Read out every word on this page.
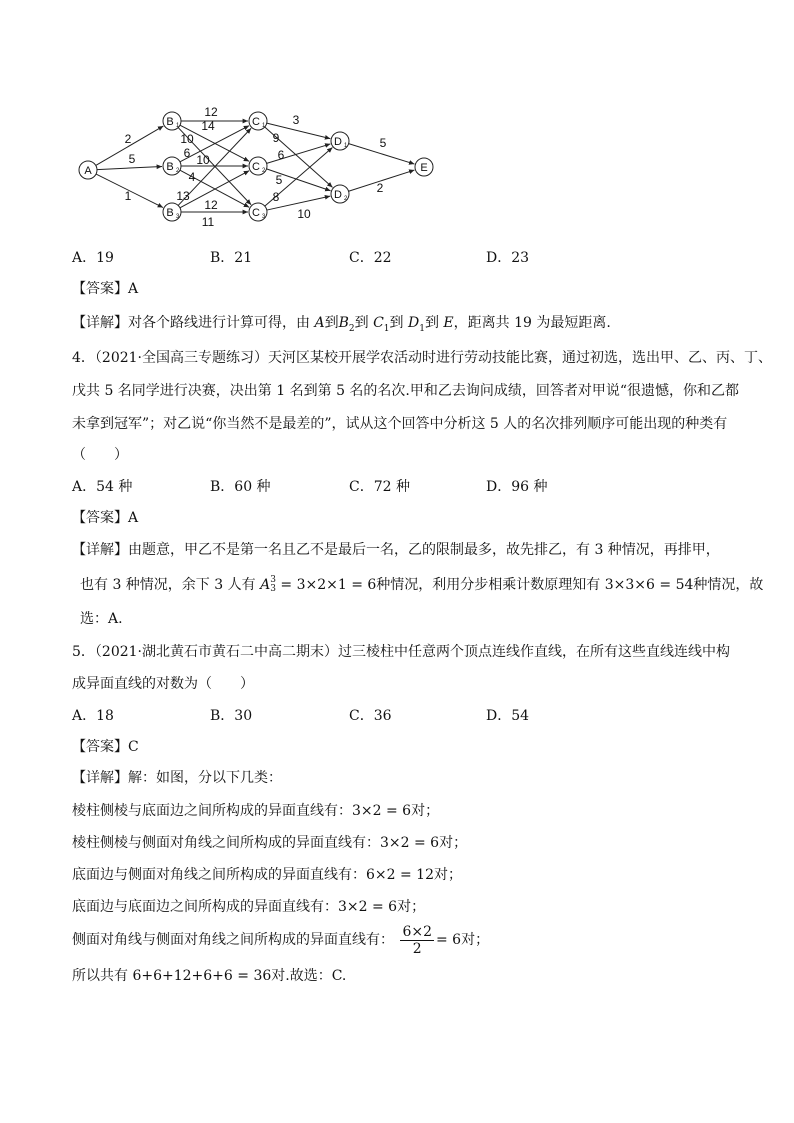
2
5
1
12
14
10
6 10
4
13
12
11
3
9
6
5
8
10
5
2
A
B 1
B 2
B 3
C 1
C 2
C 3
D 1
D 2
E
A．19	B．21	C．22	D．23
【答案】A
【详解】对各个路线进行计算可得，由 A到$B_2$到 $C_1$到 $D_1$到 E，距离共 19 为最短距离.
4．（2021·全国高三专题练习）天河区某校开展学农活动时进行劳动技能比赛，通过初选，选出甲、乙、丙、丁、
戊共 5 名同学进行决赛，决出第 1 名到第 5 名的名次.甲和乙去询问成绩，回答者对甲说“很遗憾，你和乙都
未拿到冠军”；对乙说“你当然不是最差的”，试从这个回答中分析这 5 人的名次排列顺序可能出现的种类有
（　　）
A．54 种	B．60 种	C．72 种	D．96 种
【答案】A
【详解】由题意，甲乙不是第一名且乙不是最后一名，乙的限制最多，故先排乙，有 3 种情况，再排甲，
也有 3 种情况，余下 3 人有 A 3
3 = 3×2×1 = 6种情况，利用分步相乘计数原理知有 3×3×6 = 54种情况，故
选：A.
5．（2021·湖北黄石市黄石二中高二期末）过三棱柱中任意两个顶点连线作直线，在所有这些直线连线中构
成异面直线的对数为（　　）
A．18	B．30	C．36	D．54
【答案】C
【详解】解：如图，分以下几类：
棱柱侧棱与底面边之间所构成的异面直线有：3×2 = 6对；
棱柱侧棱与侧面对角线之间所构成的异面直线有：3×2 = 6对；
底面边与侧面对角线之间所构成的异面直线有：6×2 = 12对；
底面边与底面边之间所构成的异面直线有：3×2 = 6对；
侧面对角线与侧面对角线之间所构成的异面直线有： $\frac{6\times 2}{2} = 6$对；
所以共有 6+6+12+6+6 = 36对.故选：C.
